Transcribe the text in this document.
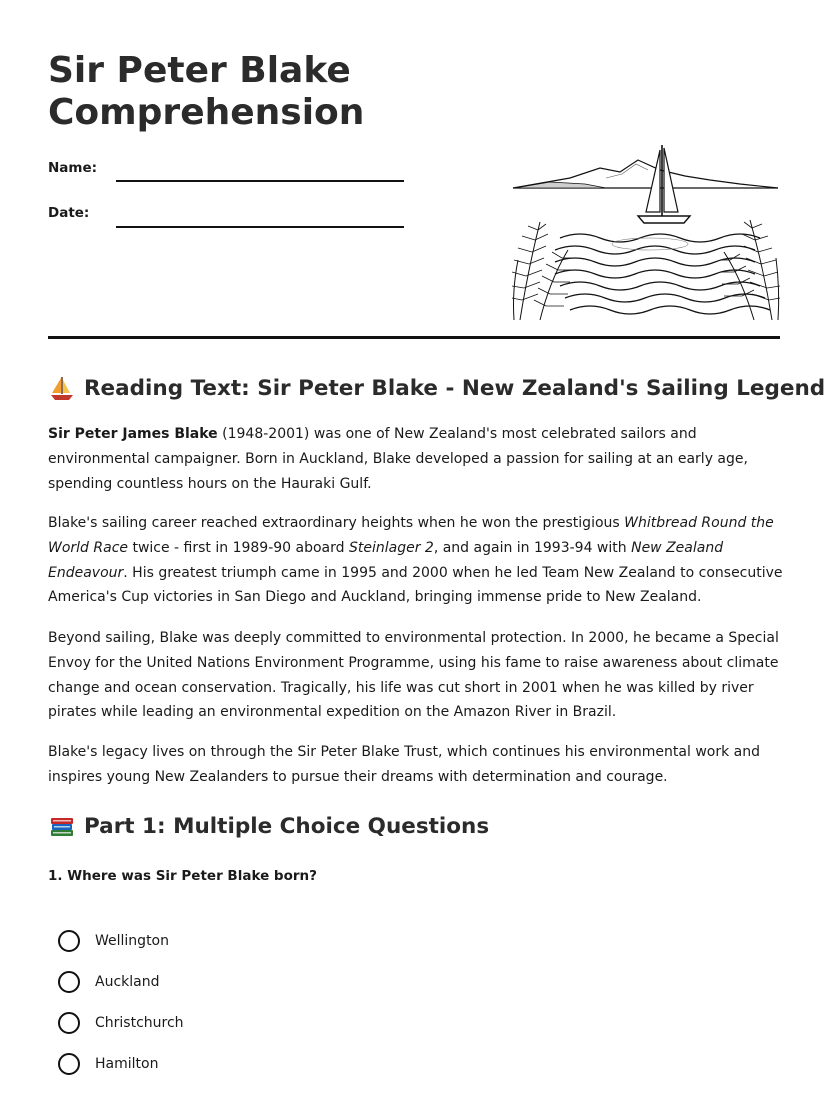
Sir Peter Blake
Comprehension
Name:
Date:
Reading Text: Sir Peter Blake - New Zealand's Sailing Legend
Sir Peter James Blake (1948-2001) was one of New Zealand's most celebrated sailors and environmental campaigner. Born in Auckland, Blake developed a passion for sailing at an early age, spending countless hours on the Hauraki Gulf.
Blake's sailing career reached extraordinary heights when he won the prestigious Whitbread Round the World Race twice - first in 1989-90 aboard Steinlager 2, and again in 1993-94 with New Zealand Endeavour. His greatest triumph came in 1995 and 2000 when he led Team New Zealand to consecutive America's Cup victories in San Diego and Auckland, bringing immense pride to New Zealand.
Beyond sailing, Blake was deeply committed to environmental protection. In 2000, he became a Special Envoy for the United Nations Environment Programme, using his fame to raise awareness about climate change and ocean conservation. Tragically, his life was cut short in 2001 when he was killed by river pirates while leading an environmental expedition on the Amazon River in Brazil.
Blake's legacy lives on through the Sir Peter Blake Trust, which continues his environmental work and inspires young New Zealanders to pursue their dreams with determination and courage.
Part 1: Multiple Choice Questions
1. Where was Sir Peter Blake born?
Wellington
Auckland
Christchurch
Hamilton
